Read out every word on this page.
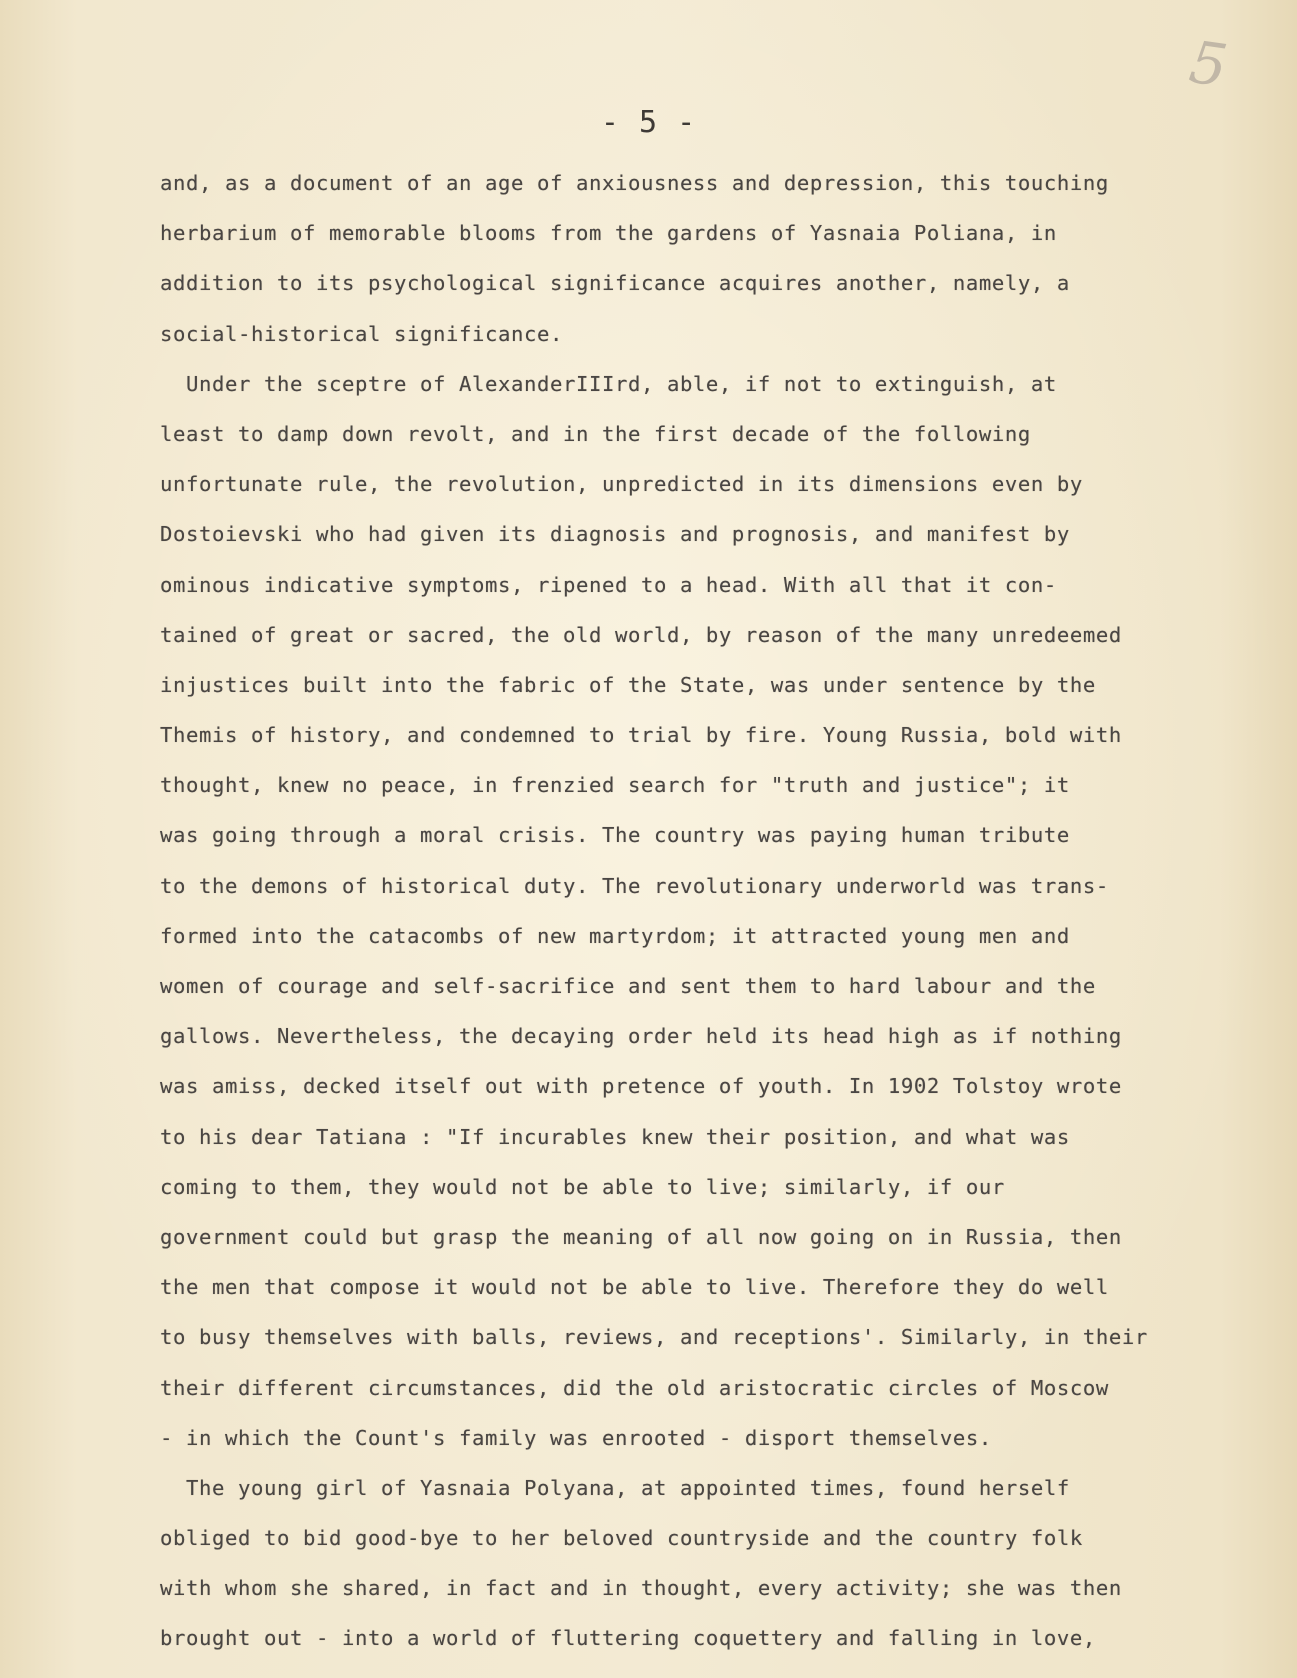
5
- 5 -
and, as a document of an age of anxiousness and depression, this touching
herbarium of memorable blooms from the gardens of Yasnaia Poliana, in
addition to its psychological significance acquires another, namely, a
social-historical significance.
Under the sceptre of AlexanderIIIrd, able, if not to extinguish, at
least to damp down revolt, and in the first decade of the following
unfortunate rule, the revolution, unpredicted in its dimensions even by
Dostoievski who had given its diagnosis and prognosis, and manifest by
ominous indicative symptoms, ripened to a head. With all that it con-
tained of great or sacred, the old world, by reason of the many unredeemed
injustices built into the fabric of the State, was under sentence by the
Themis of history, and condemned to trial by fire. Young Russia, bold with
thought, knew no peace, in frenzied search for "truth and justice"; it
was going through a moral crisis. The country was paying human tribute
to the demons of historical duty. The revolutionary underworld was trans-
formed into the catacombs of new martyrdom; it attracted young men and
women of courage and self-sacrifice and sent them to hard labour and the
gallows. Nevertheless, the decaying order held its head high as if nothing
was amiss, decked itself out with pretence of youth. In 1902 Tolstoy wrote
to his dear Tatiana : "If incurables knew their position, and what was
coming to them, they would not be able to live; similarly, if our
government could but grasp the meaning of all now going on in Russia, then
the men that compose it would not be able to live. Therefore they do well
to busy themselves with balls, reviews, and receptions'. Similarly, in their
their different circumstances, did the old aristocratic circles of Moscow
- in which the Count's family was enrooted - disport themselves.
The young girl of Yasnaia Polyana, at appointed times, found herself
obliged to bid good-bye to her beloved countryside and the country folk
with whom she shared, in fact and in thought, every activity; she was then
brought out - into a world of fluttering coquettery and falling in love,
